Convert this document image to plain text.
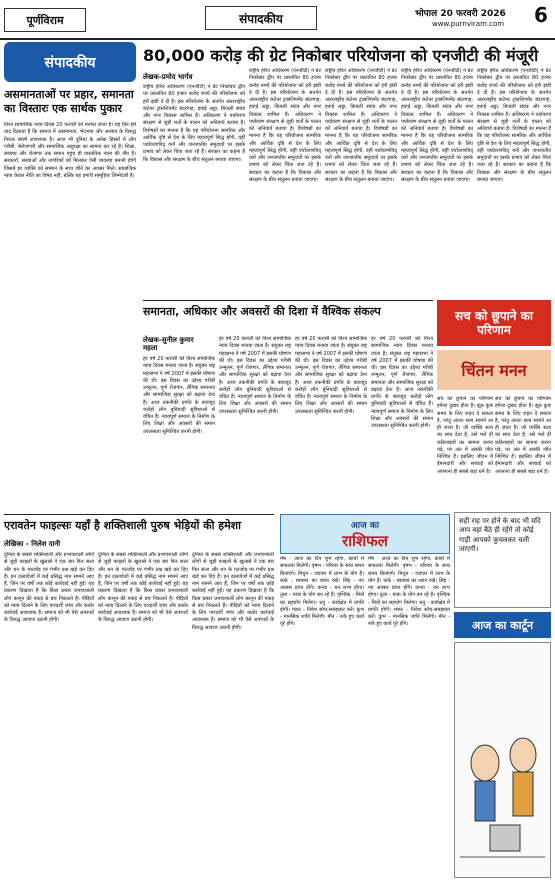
पूर्णविराम	संपादकीय	भोपाल 20 फरवरी 2026
www.purnviram.com 6
संपादकीय
असमानताओं पर प्रहार, समानता का विस्तारः एक सार्थक पुकार
विश्व सामाजिक न्याय दिवस 20 फरवरी को मनाया जाता है। यह दिन हमें याद दिलाता है कि समाज में असमानता, भेदभाव और अन्याय के विरुद्ध निरंतर संघर्ष आवश्यक है। आज भी दुनिया के अनेक हिस्सों में लोग गरीबी, बेरोजगारी और सामाजिक असुरक्षा का सामना कर रहे हैं। शिक्षा, स्वास्थ्य और रोजगार तक समान पहुंच ही वास्तविक न्याय की नींव है। सरकारों, संस्थाओं और नागरिकों को मिलकर ऐसी व्यवस्था बनानी होगी जिसमें हर व्यक्ति को सम्मान के साथ जीने का अवसर मिले। सामाजिक न्याय केवल नीति का विषय नहीं, बल्कि यह हमारी सामूहिक जिम्मेदारी है।
80,000 करोड़ की ग्रेट निकोबार परियोजना को एनजीटी की मंजूरी
लेखक-प्रमोद भार्गव
राष्ट्रीय हरित अधिकरण (एनजीटी) ने ग्रेट निकोबार द्वीप पर प्रस्तावित 80 हजार करोड़ रुपये की परियोजना को हरी झंडी दे दी है। इस परियोजना के अंतर्गत अंतरराष्ट्रीय कंटेनर ट्रांसशिपमेंट बंदरगाह, हवाई अड्डा, बिजली संयंत्र और नगर विकास शामिल हैं। अधिकरण ने पर्यावरण संरक्षण से जुड़ी शर्तों के पालन को अनिवार्य बताया है। विशेषज्ञों का मानना है कि यह परियोजना सामरिक और आर्थिक दृष्टि से देश के लिए महत्वपूर्ण सिद्ध होगी, वहीं पर्यावरणविद् वनों और जनजातीय समुदायों पर इसके प्रभाव को लेकर चिंता जता रहे हैं। सरकार का कहना है कि विकास और संरक्षण के बीच संतुलन बनाया जाएगा।
राष्ट्रीय हरित अधिकरण (एनजीटी) ने ग्रेट निकोबार द्वीप पर प्रस्तावित 80 हजार करोड़ रुपये की परियोजना को हरी झंडी दे दी है। इस परियोजना के अंतर्गत अंतरराष्ट्रीय कंटेनर ट्रांसशिपमेंट बंदरगाह, हवाई अड्डा, बिजली संयंत्र और नगर विकास शामिल हैं। अधिकरण ने पर्यावरण संरक्षण से जुड़ी शर्तों के पालन को अनिवार्य बताया है। विशेषज्ञों का मानना है कि यह परियोजना सामरिक और आर्थिक दृष्टि से देश के लिए महत्वपूर्ण सिद्ध होगी, वहीं पर्यावरणविद् वनों और जनजातीय समुदायों पर इसके प्रभाव को लेकर चिंता जता रहे हैं। सरकार का कहना है कि विकास और संरक्षण के बीच संतुलन बनाया जाएगा।
राष्ट्रीय हरित अधिकरण (एनजीटी) ने ग्रेट निकोबार द्वीप पर प्रस्तावित 80 हजार करोड़ रुपये की परियोजना को हरी झंडी दे दी है। इस परियोजना के अंतर्गत अंतरराष्ट्रीय कंटेनर ट्रांसशिपमेंट बंदरगाह, हवाई अड्डा, बिजली संयंत्र और नगर विकास शामिल हैं। अधिकरण ने पर्यावरण संरक्षण से जुड़ी शर्तों के पालन को अनिवार्य बताया है। विशेषज्ञों का मानना है कि यह परियोजना सामरिक और आर्थिक दृष्टि से देश के लिए महत्वपूर्ण सिद्ध होगी, वहीं पर्यावरणविद् वनों और जनजातीय समुदायों पर इसके प्रभाव को लेकर चिंता जता रहे हैं। सरकार का कहना है कि विकास और संरक्षण के बीच संतुलन बनाया जाएगा।
राष्ट्रीय हरित अधिकरण (एनजीटी) ने ग्रेट निकोबार द्वीप पर प्रस्तावित 80 हजार करोड़ रुपये की परियोजना को हरी झंडी दे दी है। इस परियोजना के अंतर्गत अंतरराष्ट्रीय कंटेनर ट्रांसशिपमेंट बंदरगाह, हवाई अड्डा, बिजली संयंत्र और नगर विकास शामिल हैं। अधिकरण ने पर्यावरण संरक्षण से जुड़ी शर्तों के पालन को अनिवार्य बताया है। विशेषज्ञों का मानना है कि यह परियोजना सामरिक और आर्थिक दृष्टि से देश के लिए महत्वपूर्ण सिद्ध होगी, वहीं पर्यावरणविद् वनों और जनजातीय समुदायों पर इसके प्रभाव को लेकर चिंता जता रहे हैं। सरकार का कहना है कि विकास और संरक्षण के बीच संतुलन बनाया जाएगा।
राष्ट्रीय हरित अधिकरण (एनजीटी) ने ग्रेट निकोबार द्वीप पर प्रस्तावित 80 हजार करोड़ रुपये की परियोजना को हरी झंडी दे दी है। इस परियोजना के अंतर्गत अंतरराष्ट्रीय कंटेनर ट्रांसशिपमेंट बंदरगाह, हवाई अड्डा, बिजली संयंत्र और नगर विकास शामिल हैं। अधिकरण ने पर्यावरण संरक्षण से जुड़ी शर्तों के पालन को अनिवार्य बताया है। विशेषज्ञों का मानना है कि यह परियोजना सामरिक और आर्थिक दृष्टि से देश के लिए महत्वपूर्ण सिद्ध होगी, वहीं पर्यावरणविद् वनों और जनजातीय समुदायों पर इसके प्रभाव को लेकर चिंता जता रहे हैं। सरकार का कहना है कि विकास और संरक्षण के बीच संतुलन बनाया जाएगा।
समानता, अधिकार और अवसरों की दिशा में वैश्विक संकल्प
लेखक-सुनील कुमार महला
हर वर्ष 20 फरवरी को विश्व सामाजिक न्याय दिवस मनाया जाता है। संयुक्त राष्ट्र महासभा ने वर्ष 2007 में इसकी घोषणा की थी। इस दिवस का उद्देश्य गरीबी उन्मूलन, पूर्ण रोजगार, लैंगिक समानता और सामाजिक सुरक्षा को बढ़ावा देना है। आज तकनीकी प्रगति के बावजूद करोड़ों लोग बुनियादी सुविधाओं से वंचित हैं। न्यायपूर्ण समाज के निर्माण के लिए शिक्षा और अवसरों की समान उपलब्धता सुनिश्चित करनी होगी।
हर वर्ष 20 फरवरी को विश्व सामाजिक न्याय दिवस मनाया जाता है। संयुक्त राष्ट्र महासभा ने वर्ष 2007 में इसकी घोषणा की थी। इस दिवस का उद्देश्य गरीबी उन्मूलन, पूर्ण रोजगार, लैंगिक समानता और सामाजिक सुरक्षा को बढ़ावा देना है। आज तकनीकी प्रगति के बावजूद करोड़ों लोग बुनियादी सुविधाओं से वंचित हैं। न्यायपूर्ण समाज के निर्माण के लिए शिक्षा और अवसरों की समान उपलब्धता सुनिश्चित करनी होगी।
हर वर्ष 20 फरवरी को विश्व सामाजिक न्याय दिवस मनाया जाता है। संयुक्त राष्ट्र महासभा ने वर्ष 2007 में इसकी घोषणा की थी। इस दिवस का उद्देश्य गरीबी उन्मूलन, पूर्ण रोजगार, लैंगिक समानता और सामाजिक सुरक्षा को बढ़ावा देना है। आज तकनीकी प्रगति के बावजूद करोड़ों लोग बुनियादी सुविधाओं से वंचित हैं। न्यायपूर्ण समाज के निर्माण के लिए शिक्षा और अवसरों की समान उपलब्धता सुनिश्चित करनी होगी।
हर वर्ष 20 फरवरी को विश्व सामाजिक न्याय दिवस मनाया जाता है। संयुक्त राष्ट्र महासभा ने वर्ष 2007 में इसकी घोषणा की थी। इस दिवस का उद्देश्य गरीबी उन्मूलन, पूर्ण रोजगार, लैंगिक समानता और सामाजिक सुरक्षा को बढ़ावा देना है। आज तकनीकी प्रगति के बावजूद करोड़ों लोग बुनियादी सुविधाओं से वंचित हैं। न्यायपूर्ण समाज के निर्माण के लिए शिक्षा और अवसरों की समान उपलब्धता सुनिश्चित करनी होगी।
सच को छूपाने का परिणाम
चिंतन मनन
सच को छुपाने का परिणाम हमेशा दुखद होता है। झूठ कुछ समय के लिए राहत दे सकता है, परंतु अंततः सत्य सामने आ ही जाता है। जो व्यक्ति सत्य का साथ देता है, उसे भले ही कठिनाइयों का सामना करना पड़े, पर अंत में उसकी जीत निश्चित है। इसलिए जीवन में ईमानदारी और सच्चाई को अपनाना ही सबसे बड़ा धर्म है।
सच को छुपाने का परिणाम हमेशा दुखद होता है। झूठ कुछ समय के लिए राहत दे सकता है, परंतु अंततः सत्य सामने आ ही जाता है। जो व्यक्ति सत्य का साथ देता है, उसे भले ही कठिनाइयों का सामना करना पड़े, पर अंत में उसकी जीत निश्चित है। इसलिए जीवन में ईमानदारी और सच्चाई को अपनाना ही सबसे बड़ा धर्म है।
एरावतेन फाइल्सः यहाँ है शक्तिशाली पुरुष भेड़ियों की हमेशा
लेखिका - निलेश दानी
दुनिया के सबसे शक्तिशाली और प्रभावशाली लोगों से जुड़ी फाइलों के खुलासे ने एक बार फिर सत्ता और धन के गठजोड़ पर गंभीर प्रश्न खड़े कर दिए हैं। इन दस्तावेजों में कई प्रसिद्ध नाम सामने आए हैं, जिन पर वर्षों तक कोई कार्रवाई नहीं हुई। यह प्रकरण दिखाता है कि किस प्रकार प्रभावशाली लोग कानून की पकड़ से बच निकलते हैं। पीड़ितों को न्याय दिलाने के लिए पारदर्शी जांच और कठोर कार्रवाई आवश्यक है। समाज को भी ऐसे अपराधों के विरुद्ध आवाज उठानी होगी।
दुनिया के सबसे शक्तिशाली और प्रभावशाली लोगों से जुड़ी फाइलों के खुलासे ने एक बार फिर सत्ता और धन के गठजोड़ पर गंभीर प्रश्न खड़े कर दिए हैं। इन दस्तावेजों में कई प्रसिद्ध नाम सामने आए हैं, जिन पर वर्षों तक कोई कार्रवाई नहीं हुई। यह प्रकरण दिखाता है कि किस प्रकार प्रभावशाली लोग कानून की पकड़ से बच निकलते हैं। पीड़ितों को न्याय दिलाने के लिए पारदर्शी जांच और कठोर कार्रवाई आवश्यक है। समाज को भी ऐसे अपराधों के विरुद्ध आवाज उठानी होगी।
दुनिया के सबसे शक्तिशाली और प्रभावशाली लोगों से जुड़ी फाइलों के खुलासे ने एक बार फिर सत्ता और धन के गठजोड़ पर गंभीर प्रश्न खड़े कर दिए हैं। इन दस्तावेजों में कई प्रसिद्ध नाम सामने आए हैं, जिन पर वर्षों तक कोई कार्रवाई नहीं हुई। यह प्रकरण दिखाता है कि किस प्रकार प्रभावशाली लोग कानून की पकड़ से बच निकलते हैं। पीड़ितों को न्याय दिलाने के लिए पारदर्शी जांच और कठोर कार्रवाई आवश्यक है। समाज को भी ऐसे अपराधों के विरुद्ध आवाज उठानी होगी।
आज का
राशिफल
मेष - आज का दिन शुभ रहेगा, कार्यों में सफलता मिलेगी। वृषभ - परिवार के साथ समय बिताएंगे। मिथुन - व्यापार में लाभ के योग हैं। कर्क - स्वास्थ्य का ध्यान रखें। सिंह - नए अवसर प्राप्त होंगे। कन्या - धन लाभ होगा। तुला - यात्रा के योग बन रहे हैं। वृश्चिक - मित्रों का सहयोग मिलेगा। धनु - कार्यक्षेत्र में प्रगति होगी। मकर - निवेश सोच-समझकर करें। कुंभ - मानसिक शांति मिलेगी। मीन - रुके हुए कार्य पूरे होंगे।
मेष - आज का दिन शुभ रहेगा, कार्यों में सफलता मिलेगी। वृषभ - परिवार के साथ समय बिताएंगे। मिथुन - व्यापार में लाभ के योग हैं। कर्क - स्वास्थ्य का ध्यान रखें। सिंह - नए अवसर प्राप्त होंगे। कन्या - धन लाभ होगा। तुला - यात्रा के योग बन रहे हैं। वृश्चिक - मित्रों का सहयोग मिलेगा। धनु - कार्यक्षेत्र में प्रगति होगी। मकर - निवेश सोच-समझकर करें। कुंभ - मानसिक शांति मिलेगी। मीन - रुके हुए कार्य पूरे होंगे।
सही राह पर होने के बाद भी यदि आप वहां बैठे ही रहेंगे तो कोई गाड़ी आपको कुचलकर चली जाएगी।
आज का कार्टून
